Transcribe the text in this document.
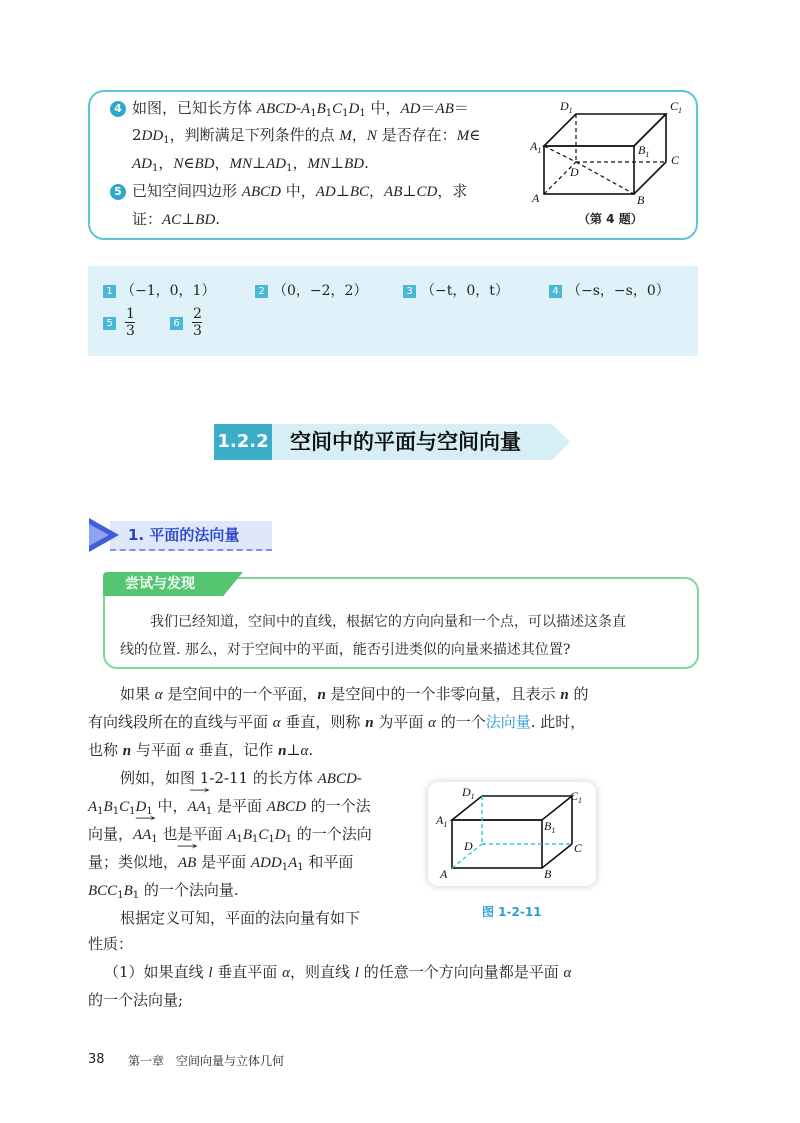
4 如图，已知长方体 ABCD-$A_1B_1C_1D_1$ 中，AD＝AB＝
$2DD_1$，判断满足下列条件的点 M，N 是否存在：M∈
$AD_1$，N∈BD，$MN\perp AD_1$，MN⊥BD.
5 已知空间四边形 ABCD 中，AD⊥BC，AB⊥CD，求
证：AC⊥BD.
$D_1$	$C_1$
$A_1$	$B_1$
D
C
A	B
（第 4 题）
1 （−1，0，1）	2 （0，−2，2）	3 （−t，0，t）	4 （−s，−s，0）
$5 \frac{1}{3}$	$6 \frac{2}{3}$
1.2.2 空间中的平面与空间向量
1. 平面的法向量
尝试与发现
我们已经知道，空间中的直线，根据它的方向向量和一个点，可以描述这条直
线的位置. 那么，对于空间中的平面，能否引进类似的向量来描述其位置?
如果 α 是空间中的一个平面，n 是空间中的一个非零向量，且表示 n 的
有向线段所在的直线与平面 α 垂直，则称 n 为平面 α 的一个法向量. 此时，
也称 n 与平面 α 垂直，记作 n⊥α.
例如，如图 1-2-11 的长方体 ABCD-
$A_1B_1C_1D_1$ 中，→ $AA_1$ 是平面 ABCD 的一个法
向量，→ $AA_1$ 也是平面 $A_1B_1C_1D_1$ 的一个法向
量；类似地，→ AB 是平面 $ADD_1A_1$ 和平面
$BCC_1B_1$ 的一个法向量.
根据定义可知，平面的法向量有如下
性质：
（1）如果直线 l 垂直平面 α，则直线 l 的任意一个方向向量都是平面 α
的一个法向量;
$D_1$	$C_1$
$A_1$	$B_1$
D	C
A	B
图 1-2-11
38 第一章　空间向量与立体几何
